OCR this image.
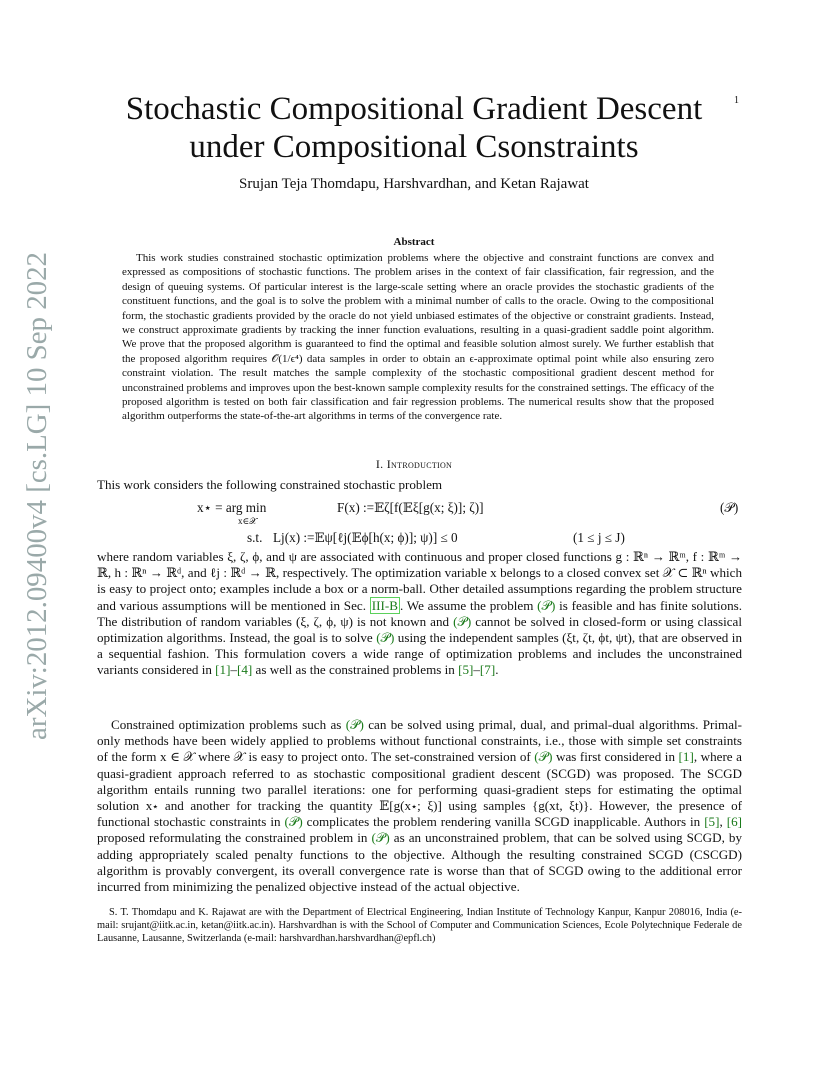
arXiv:2012.09400v4 [cs.LG] 10 Sep 2022
1
Stochastic Compositional Gradient Descent
under Compositional Csonstraints
Srujan Teja Thomdapu, Harshvardhan, and Ketan Rajawat
Abstract
This work studies constrained stochastic optimization problems where the objective and constraint functions are convex and expressed as compositions of stochastic functions. The problem arises in the context of fair classification, fair regression, and the design of queuing systems. Of particular interest is the large-scale setting where an oracle provides the stochastic gradients of the constituent functions, and the goal is to solve the problem with a minimal number of calls to the oracle. Owing to the compositional form, the stochastic gradients provided by the oracle do not yield unbiased estimates of the objective or constraint gradients. Instead, we construct approximate gradients by tracking the inner function evaluations, resulting in a quasi-gradient saddle point algorithm. We prove that the proposed algorithm is guaranteed to find the optimal and feasible solution almost surely. We further establish that the proposed algorithm requires 𝒪(1/ϵ⁴) data samples in order to obtain an ϵ-approximate optimal point while also ensuring zero constraint violation. The result matches the sample complexity of the stochastic compositional gradient descent method for unconstrained problems and improves upon the best-known sample complexity results for the constrained settings. The efficacy of the proposed algorithm is tested on both fair classification and fair regression problems. The numerical results show that the proposed algorithm outperforms the state-of-the-art algorithms in terms of the convergence rate.
I. Introduction
This work considers the following constrained stochastic problem
x⋆ = arg min
x∈𝒳
F(x) :=𝔼ζ[f(𝔼ξ[g(x; ξ)]; ζ)]	(𝒫)
s.t. Lj(x) :=𝔼ψ[ℓj(𝔼ϕ[h(x; ϕ)]; ψ)] ≤ 0	(1 ≤ j ≤ J)
where random variables ξ, ζ, ϕ, and ψ are associated with continuous and proper closed functions g : ℝⁿ → ℝᵐ, f : ℝᵐ → ℝ, h : ℝⁿ → ℝᵈ, and ℓj : ℝᵈ → ℝ, respectively. The optimization variable x belongs to a closed convex set 𝒳 ⊂ ℝⁿ which is easy to project onto; examples include a box or a norm-ball. Other detailed assumptions regarding the problem structure and various assumptions will be mentioned in Sec. III-B . We assume the problem (𝒫) is feasible and has finite solutions. The distribution of random variables (ξ, ζ, ϕ, ψ) is not known and (𝒫) cannot be solved in closed-form or using classical optimization algorithms. Instead, the goal is to solve (𝒫) using the independent samples (ξt, ζt, ϕt, ψt), that are observed in a sequential fashion. This formulation covers a wide range of optimization problems and includes the unconstrained variants considered in [1]–[4] as well as the constrained problems in [5]–[7].
Constrained optimization problems such as (𝒫) can be solved using primal, dual, and primal-dual algorithms. Primal-only methods have been widely applied to problems without functional constraints, i.e., those with simple set constraints of the form x ∈ 𝒳 where 𝒳 is easy to project onto. The set-constrained version of (𝒫) was first considered in [1], where a quasi-gradient approach referred to as stochastic compositional gradient descent (SCGD) was proposed. The SCGD algorithm entails running two parallel iterations: one for performing quasi-gradient steps for estimating the optimal solution x⋆ and another for tracking the quantity 𝔼[g(x⋆; ξ)] using samples {g(xt, ξt)}. However, the presence of functional stochastic constraints in (𝒫) complicates the problem rendering vanilla SCGD inapplicable. Authors in [5], [6] proposed reformulating the constrained problem in (𝒫) as an unconstrained problem, that can be solved using SCGD, by adding appropriately scaled penalty functions to the objective. Although the resulting constrained SCGD (CSCGD) algorithm is provably convergent, its overall convergence rate is worse than that of SCGD owing to the additional error incurred from minimizing the penalized objective instead of the actual objective.
S. T. Thomdapu and K. Rajawat are with the Department of Electrical Engineering, Indian Institute of Technology Kanpur, Kanpur 208016, India (e-mail: srujant@iitk.ac.in, ketan@iitk.ac.in). Harshvardhan is with the School of Computer and Communication Sciences, Ecole Polytechnique Federale de Lausanne, Lausanne, Switzerlanda (e-mail: harshvardhan.harshvardhan@epfl.ch)
